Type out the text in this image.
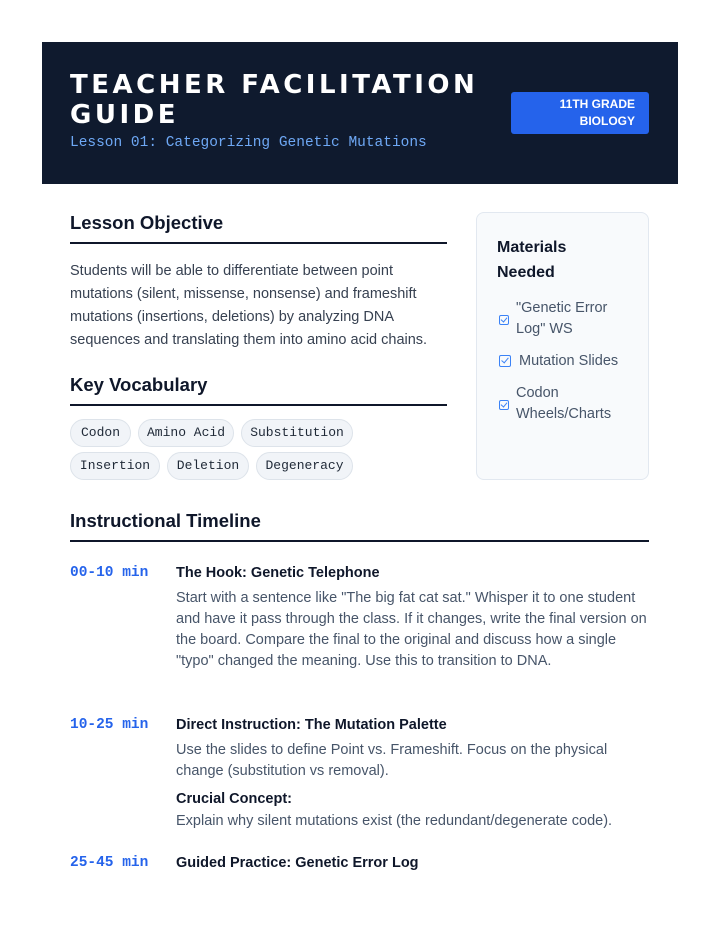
TEACHER FACILITATION GUIDE
Lesson 01: Categorizing Genetic Mutations
11TH GRADE
BIOLOGY
Lesson Objective
Students will be able to differentiate between point mutations (silent, missense, nonsense) and frameshift mutations (insertions, deletions) by analyzing DNA sequences and translating them into amino acid chains.
Key Vocabulary
Codon	Amino Acid	Substitution
Insertion	Deletion	Degeneracy
Materials Needed
"Genetic Error Log" WS
Mutation Slides
Codon Wheels/Charts
Instructional Timeline
00-10 min The Hook: Genetic Telephone
Start with a sentence like "The big fat cat sat." Whisper it to one student and have it pass through the class. If it changes, write the final version on the board. Compare the final to the original and discuss how a single "typo" changed the meaning. Use this to transition to DNA.
10-25 min Direct Instruction: The Mutation Palette
Use the slides to define Point vs. Frameshift. Focus on the physical change (substitution vs removal).
Crucial Concept:
Explain why silent mutations exist (the redundant/degenerate code).
25-45 min Guided Practice: Genetic Error Log
